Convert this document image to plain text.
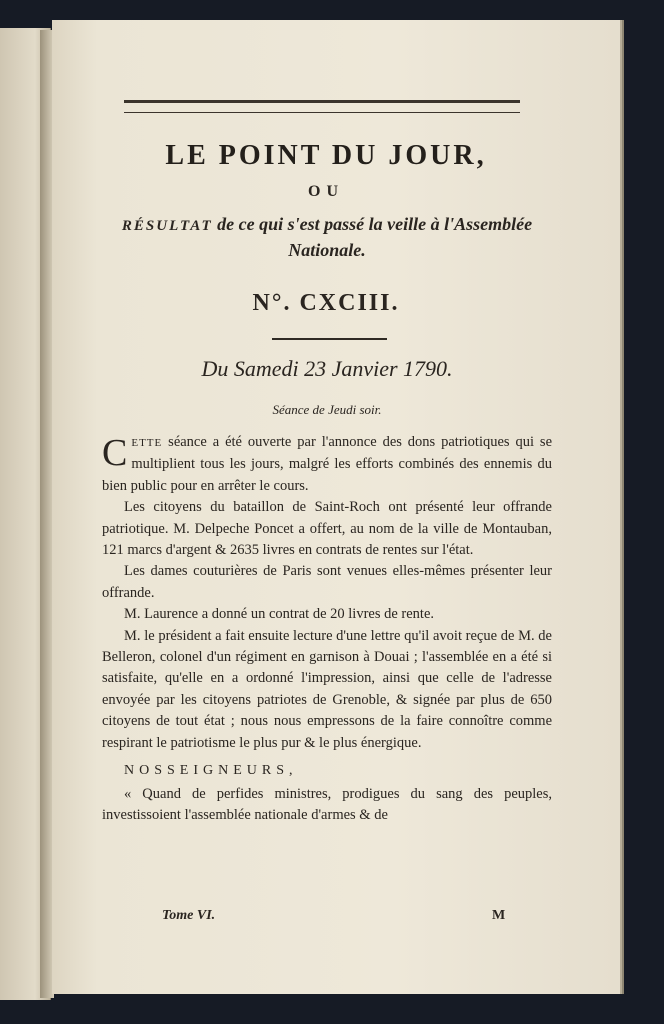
LE POINT DU JOUR,
OU
RÉSULTAT de ce qui s'est passé la veille à l'Assemblée Nationale.
N°. CXCIII.
Du Samedi 23 Janvier 1790.
Séance de Jeudi soir.

C ETTE séance a été ouverte par l'annonce des dons patriotiques qui se multiplient tous les jours, malgré les efforts combinés des ennemis du bien public pour en arrêter le cours.

Les citoyens du bataillon de Saint-Roch ont présenté leur offrande patriotique. M. Delpeche Poncet a offert, au nom de la ville de Montauban, 121 marcs d'argent & 2635 livres en contrats de rentes sur l'état.

Les dames couturières de Paris sont venues elles-mêmes présenter leur offrande.

M. Laurence a donné un contrat de 20 livres de rente.

M. le président a fait ensuite lecture d'une lettre qu'il avoit reçue de M. de Belleron, colonel d'un régiment en garnison à Douai ; l'assemblée en a été si satisfaite, qu'elle en a ordonné l'impression, ainsi que celle de l'adresse envoyée par les citoyens patriotes de Grenoble, & signée par plus de 650 citoyens de tout état ; nous nous empressons de la faire connoître comme respirant le patriotisme le plus pur & le plus énergique.

NOSSEIGNEURS,

« Quand de perfides ministres, prodigues du sang des peuples, investissoient l'assemblée nationale d'armes & de

Tome VI.	M
